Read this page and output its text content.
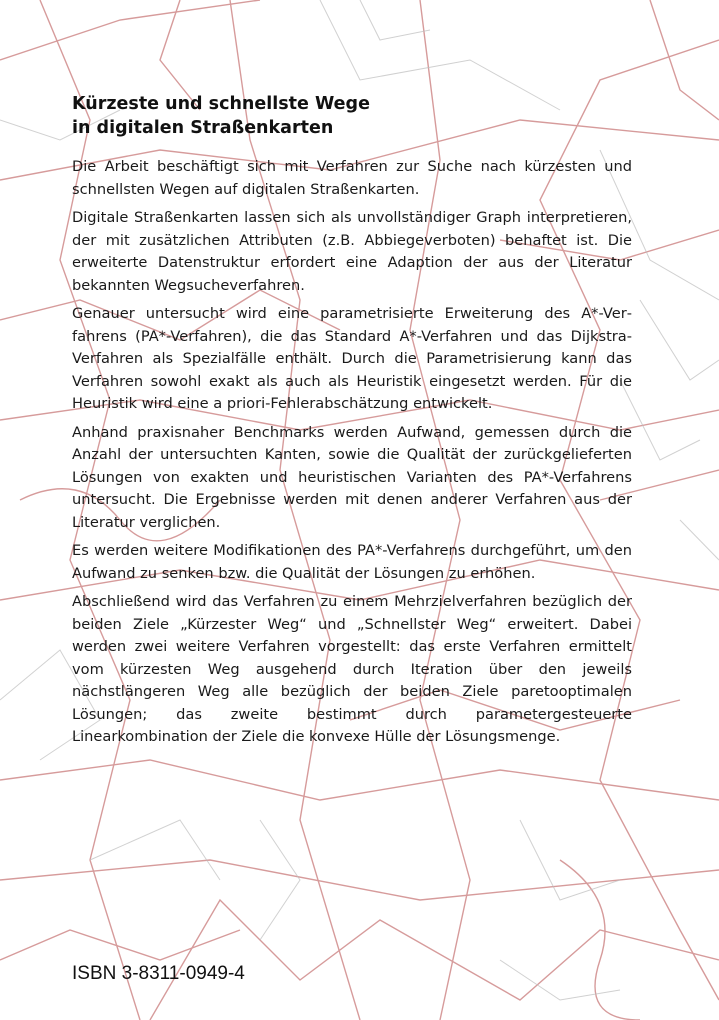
Kürzeste und schnellste Wege
in digitalen Straßenkarten

Die Arbeit beschäftigt sich mit Verfahren zur Suche nach kürzesten und schnellsten Wegen auf digitalen Straßenkarten.

Digitale Straßenkarten lassen sich als unvollständiger Graph interpretieren, der mit zusätzlichen Attributen (z.B. Abbiegeverboten) behaftet ist. Die erweiterte Datenstruktur erfordert eine Adaption der aus der Literatur bekannten Wegsucheverfahren.

Genauer untersucht wird eine parametrisierte Erweiterung des A*-Verfahrens (PA*-Verfahren), die das Standard A*-Verfahren und das Dijkstra-Verfahren als Spezialfälle enthält. Durch die Parametrisierung kann das Verfahren sowohl exakt als auch als Heuristik eingesetzt werden. Für die Heuristik wird eine a priori-Fehlerabschätzung entwickelt.

Anhand praxisnaher Benchmarks werden Aufwand, gemessen durch die Anzahl der untersuchten Kanten, sowie die Qualität der zurückgelieferten Lösungen von exakten und heuristischen Varianten des PA*-Verfahrens untersucht. Die Ergebnisse werden mit denen anderer Verfahren aus der Literatur verglichen.

Es werden weitere Modifikationen des PA*-Verfahrens durchgeführt, um den Aufwand zu senken bzw. die Qualität der Lösungen zu erhöhen.

Abschließend wird das Verfahren zu einem Mehrzielverfahren bezüglich der beiden Ziele „Kürzester Weg“ und „Schnellster Weg“ erweitert. Dabei werden zwei weitere Verfahren vorgestellt: das erste Verfahren ermittelt vom kürzesten Weg ausgehend durch Iteration über den jeweils nächstlängeren Weg alle bezüglich der beiden Ziele paretooptimalen Lösungen; das zweite bestimmt durch parametergesteuerte Linearkombination der Ziele die konvexe Hülle der Lösungsmenge.

ISBN 3-8311-0949-4
